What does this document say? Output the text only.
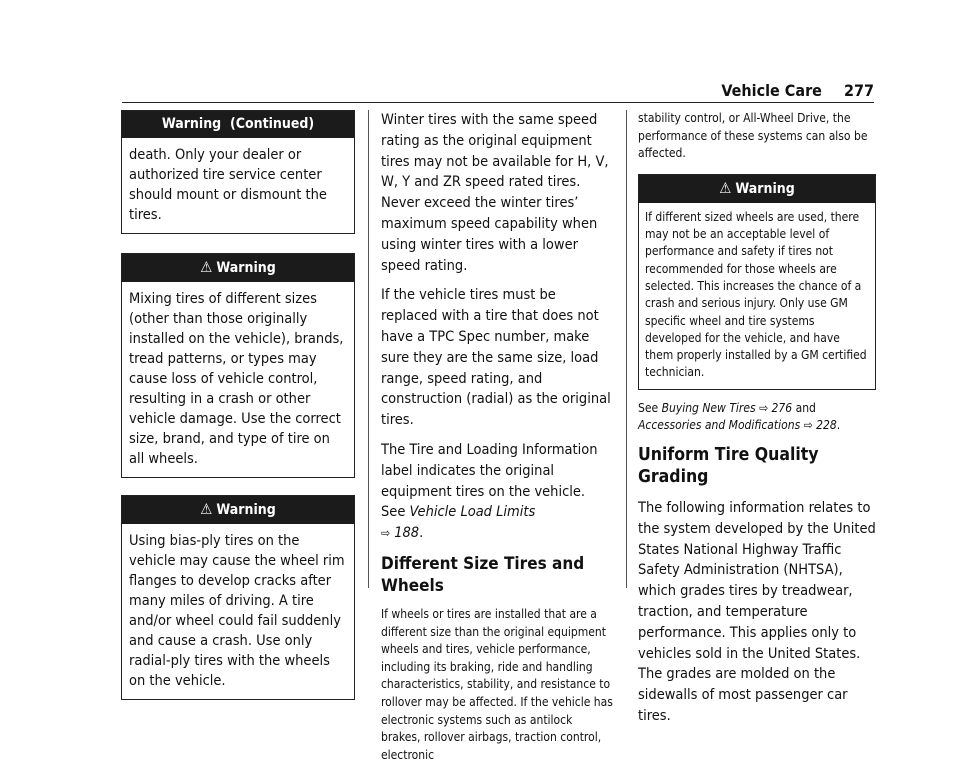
Vehicle Care 277
Warning  (Continued)
death. Only your dealer or authorized tire service center should mount or dismount the tires.
⚠ Warning
Mixing tires of different sizes (other than those originally installed on the vehicle), brands, tread patterns, or types may cause loss of vehicle control, resulting in a crash or other vehicle damage. Use the correct size, brand, and type of tire on all wheels.
⚠ Warning
Using bias-ply tires on the vehicle may cause the wheel rim flanges to develop cracks after many miles of driving. A tire and/or wheel could fail suddenly and cause a crash. Use only radial-ply tires with the wheels on the vehicle.

Winter tires with the same speed rating as the original equipment tires may not be available for H, V, W, Y and ZR speed rated tires. Never exceed the winter tires’ maximum speed capability when using winter tires with a lower speed rating.

If the vehicle tires must be replaced with a tire that does not have a TPC Spec number, make sure they are the same size, load range, speed rating, and construction (radial) as the original tires.

The Tire and Loading Information label indicates the original equipment tires on the vehicle. See Vehicle Load Limits
⇨ 188.

Different Size Tires and Wheels

If wheels or tires are installed that are a different size than the original equipment wheels and tires, vehicle performance, including its braking, ride and handling characteristics, stability, and resistance to rollover may be affected. If the vehicle has electronic systems such as antilock brakes, rollover airbags, traction control, electronic

stability control, or All-Wheel Drive, the performance of these systems can also be affected.

⚠ Warning
If different sized wheels are used, there may not be an acceptable level of performance and safety if tires not recommended for those wheels are selected. This increases the chance of a crash and serious injury. Only use GM specific wheel and tire systems developed for the vehicle, and have them properly installed by a GM certified technician.

See Buying New Tires ⇨ 276 and
Accessories and Modifications ⇨ 228.

Uniform Tire Quality Grading

The following information relates to the system developed by the United States National Highway Traffic Safety Administration (NHTSA), which grades tires by treadwear, traction, and temperature performance. This applies only to vehicles sold in the United States. The grades are molded on the sidewalls of most passenger car tires.
